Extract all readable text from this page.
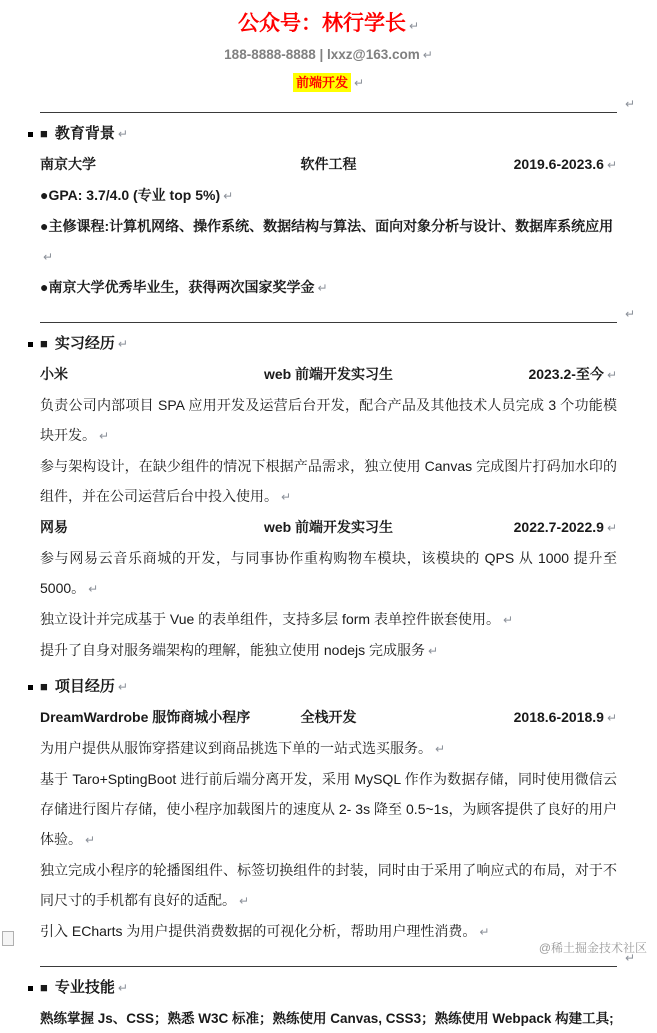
公众号：林行学长 ↵
188-8888-8888 | lxxz@163.com ↵
前端开发 ↵
↵
■ 教育背景 ↵
南京大学	软件工程	2019.6-2023.6 ↵
●GPA: 3.7/4.0 (专业 top 5%) ↵
●主修课程:计算机网络、操作系统、数据结构与算法、面向对象分析与设计、数据库系统应用↵
●南京大学优秀毕业生，获得两次国家奖学金 ↵
↵
■ 实习经历 ↵
小米	web 前端开发实习生	2023.2-至今 ↵

负责公司内部项目 SPA 应用开发及运营后台开发，配合产品及其他技术人员完成 3 个功能模块开发。 ↵

参与架构设计，在缺少组件的情况下根据产品需求，独立使用 Canvas 完成图片打码加水印的组件，并在公司运营后台中投入使用。 ↵

网易	web 前端开发实习生	2022.7-2022.9 ↵

参与网易云音乐商城的开发，与同事协作重构购物车模块，该模块的 QPS 从 1000 提升至 5000。 ↵

独立设计并完成基于 Vue 的表单组件，支持多层 form 表单控件嵌套使用。 ↵

提升了自身对服务端架构的理解，能独立使用 nodejs 完成服务 ↵

■ 项目经历 ↵
DreamWardrobe 服饰商城小程序	全栈开发	2018.6-2018.9 ↵

为用户提供从服饰穿搭建议到商品挑选下单的一站式选买服务。 ↵

基于 Taro+SptingBoot 进行前后端分离开发，采用 MySQL 作作为数据存储，同时使用微信云存储进行图片存储，使小程序加载图片的速度从 2- 3s 降至 0.5~1s，为顾客提供了良好的用户体验。 ↵

独立完成小程序的轮播图组件、标签切换组件的封装，同时由于采用了响应式的布局，对于不同尺寸的手机都有良好的适配。 ↵

引入 ECharts 为用户提供消费数据的可视化分析，帮助用户理性消费。 ↵

↵
■ 专业技能 ↵
熟练掌握 Js、CSS；熟悉 W3C 标准；熟练使用 Canvas, CSS3；熟练使用 Webpack 构建工具;
@稀土掘金技术社区
